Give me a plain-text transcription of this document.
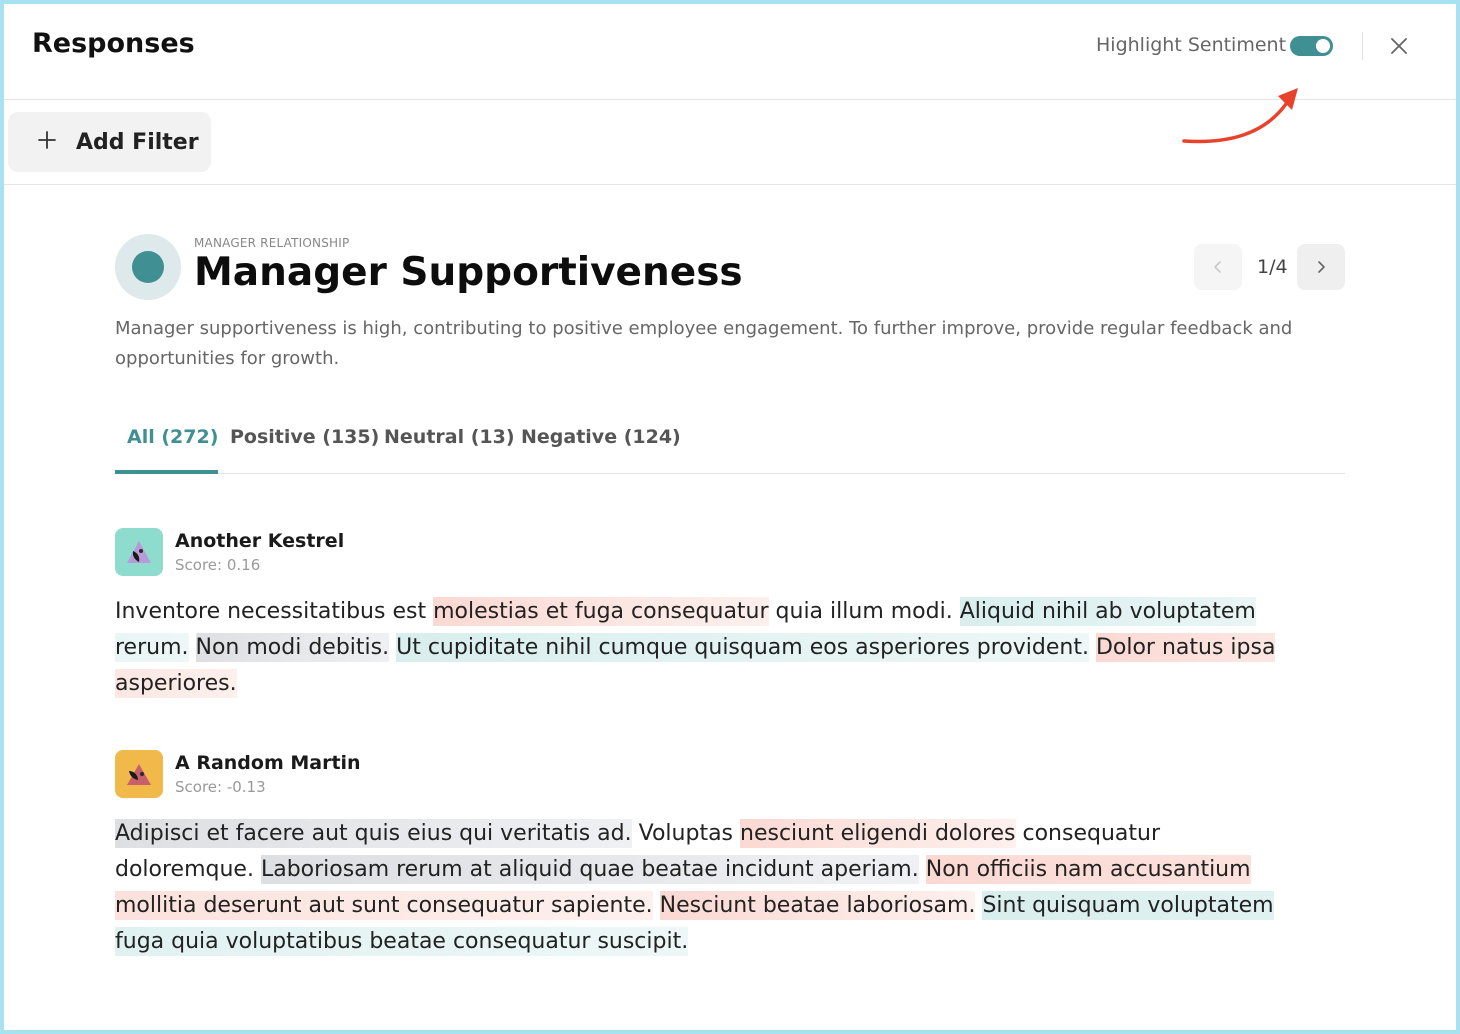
Responses	Highlight Sentiment
Add Filter
MANAGER RELATIONSHIP
Manager Supportiveness	1/4
Manager supportiveness is high, contributing to positive employee engagement. To further improve, provide regular feedback and opportunities for growth.
All (272) Positive (135) Neutral (13) Negative (124)
Another Kestrel
Score: 0.16
Inventore necessitatibus est molestias et fuga consequatur quia illum modi. Aliquid nihil ab voluptatem rerum. Non modi debitis. Ut cupiditate nihil cumque quisquam eos asperiores provident. Dolor natus ipsa asperiores.
A Random Martin
Score: -0.13
Adipisci et facere aut quis eius qui veritatis ad. Voluptas nesciunt eligendi dolores consequatur doloremque. Laboriosam rerum at aliquid quae beatae incidunt aperiam. Non officiis nam accusantium mollitia deserunt aut sunt consequatur sapiente. Nesciunt beatae laboriosam. Sint quisquam voluptatem fuga quia voluptatibus beatae consequatur suscipit.
